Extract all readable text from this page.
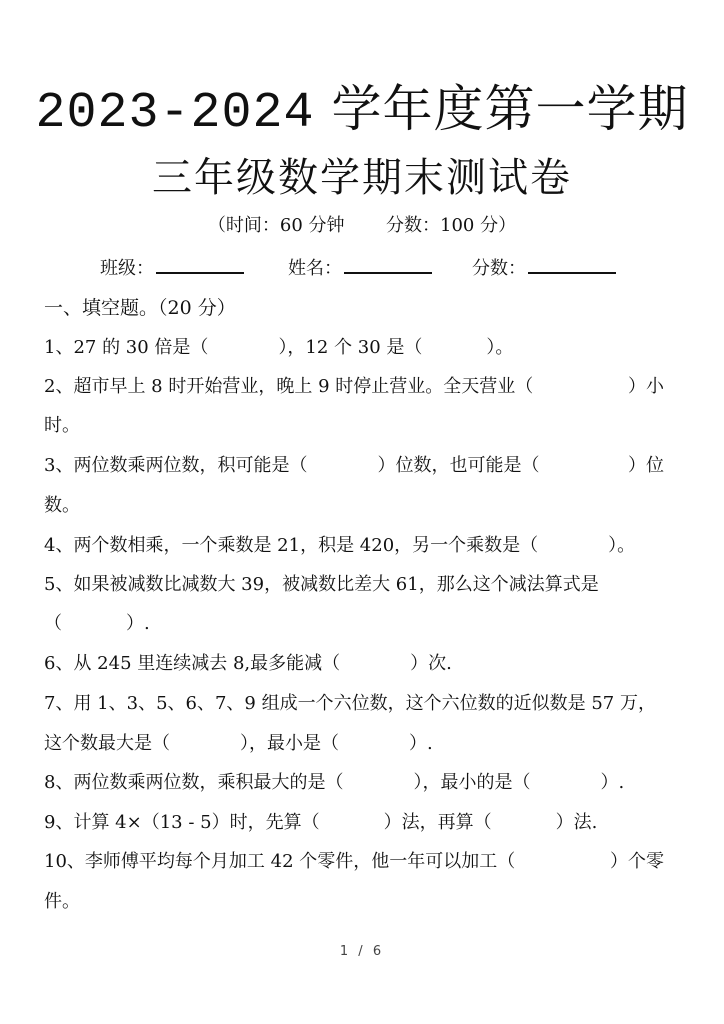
2023-2024 学年度第一学期
三年级数学期末测试卷
（时间：60 分钟 分数：100 分）
班级：	姓名：	分数：
一、填空题。（20 分）
1、27 的 30 倍是（	），12 个 30 是（	）。
2、超市早上 8 时开始营业，晚上 9 时停止营业。全天营业（	）小
时。
3、两位数乘两位数，积可能是（	）位数，也可能是（	）位
数。
4、两个数相乘，一个乘数是 21，积是 420，另一个乘数是（	）。
5、如果被减数比减数大 39，被减数比差大 61，那么这个减法算式是
（	）.
6、从 245 里连续减去 8,最多能减（	）次.
7、用 1、3、5、6、7、9 组成一个六位数，这个六位数的近似数是 57 万，
这个数最大是（	），最小是（	）.
8、两位数乘两位数，乘积最大的是（	），最小的是（	）.
9、计算 4×（13 - 5）时，先算（	）法，再算（	）法.
10、李师傅平均每个月加工 42 个零件，他一年可以加工（	）个零
件。
1 / 6
